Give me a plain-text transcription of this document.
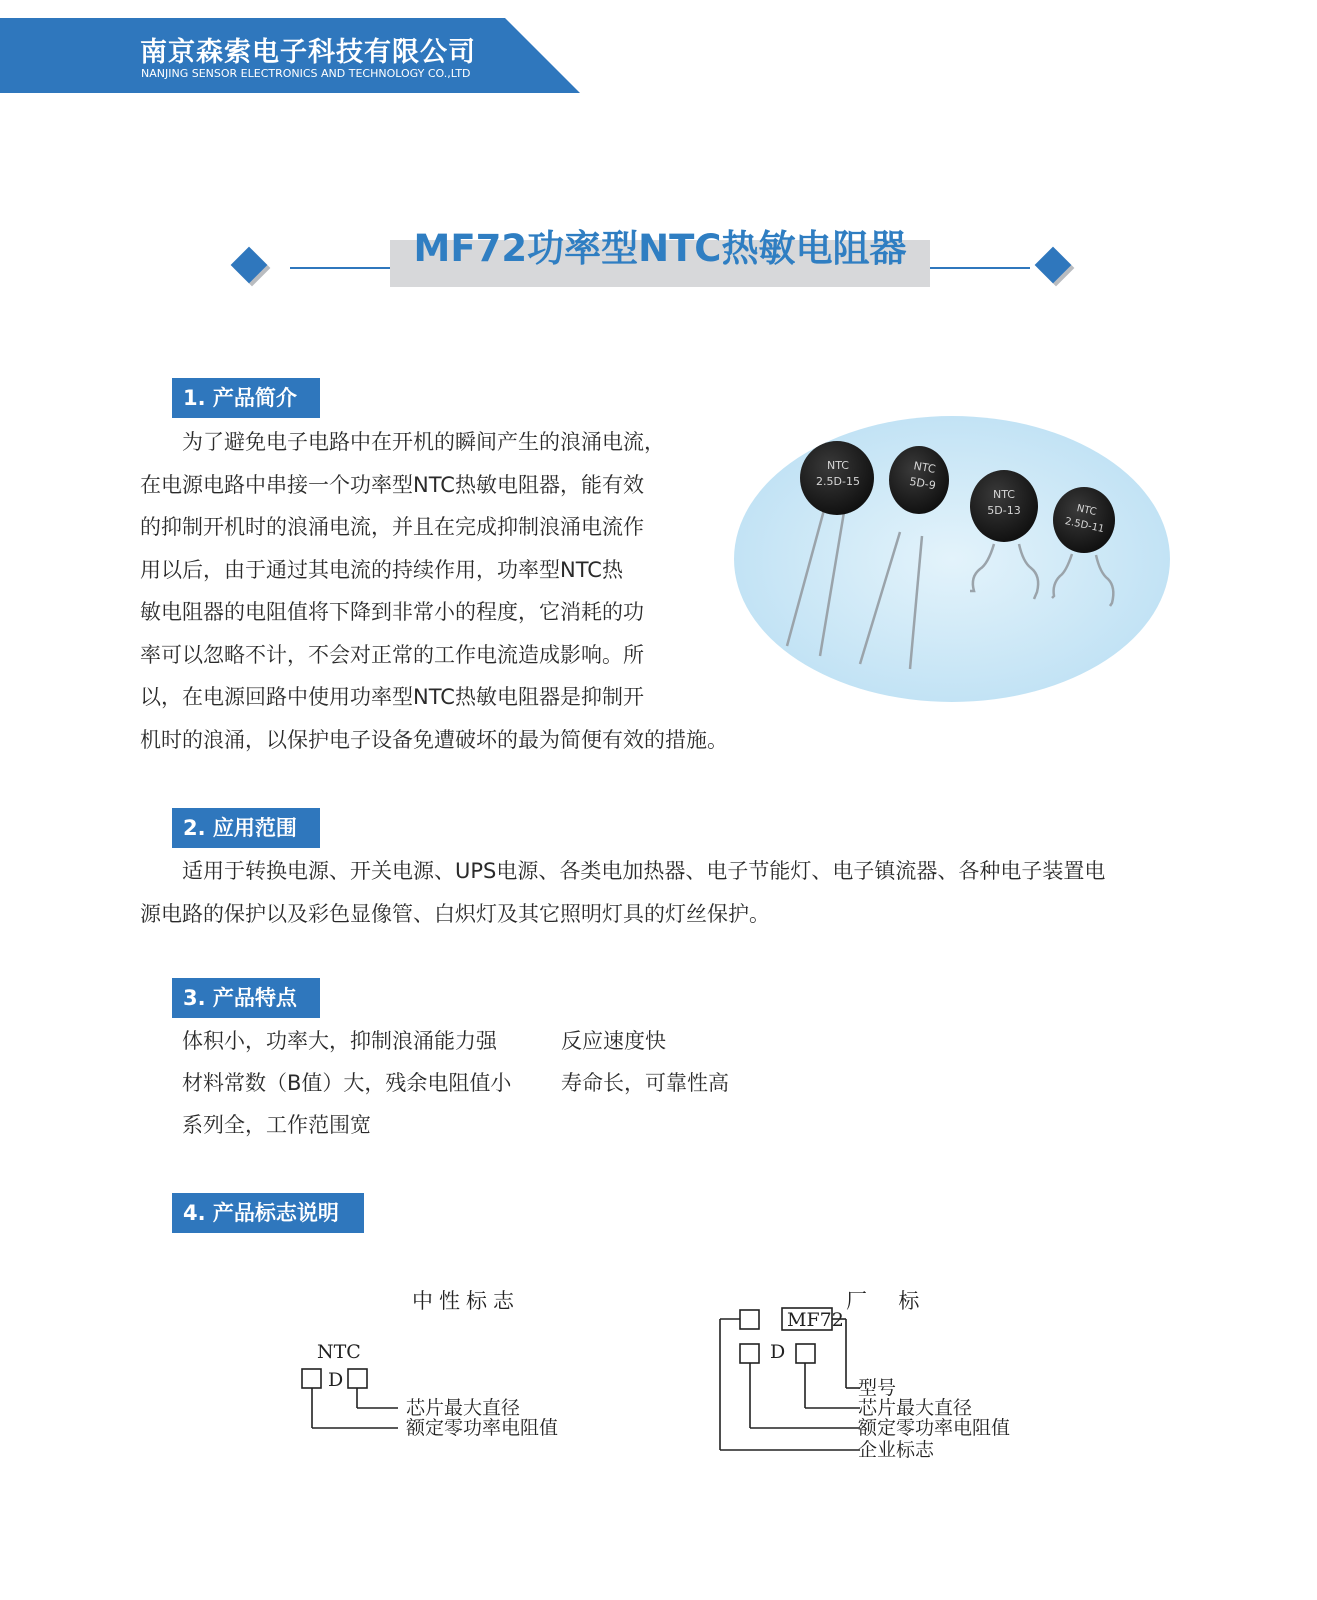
南京森索电子科技有限公司
NANJING SENSOR ELECTRONICS AND TECHNOLOGY CO.,LTD
MF72功率型NTC热敏电阻器
1. 产品简介
为了避免电子电路中在开机的瞬间产生的浪涌电流，
在电源电路中串接一个功率型NTC热敏电阻器，能有效
的抑制开机时的浪涌电流，并且在完成抑制浪涌电流作
用以后，由于通过其电流的持续作用，功率型NTC热
敏电阻器的电阻值将下降到非常小的程度，它消耗的功
率可以忽略不计，不会对正常的工作电流造成影响。所
以，在电源回路中使用功率型NTC热敏电阻器是抑制开
机时的浪涌，以保护电子设备免遭破坏的最为简便有效的措施。
NTC
2.5D-15
NTC
5D-9
NTC
5D-13	NTC
2.5D-11
2. 应用范围
适用于转换电源、开关电源、UPS电源、各类电加热器、电子节能灯、电子镇流器、各种电子装置电
源电路的保护以及彩色显像管、白炽灯及其它照明灯具的灯丝保护。
3. 产品特点
体积小，功率大，抑制浪涌能力强	反应速度快
材料常数（B值）大，残余电阻值小 寿命长，可靠性高
系列全，工作范围宽
4. 产品标志说明
中性标志	厂  标
NTC
D
MF72
D
芯片最大直径
额定零功率电阻值
型号
芯片最大直径
额定零功率电阻值
企业标志
